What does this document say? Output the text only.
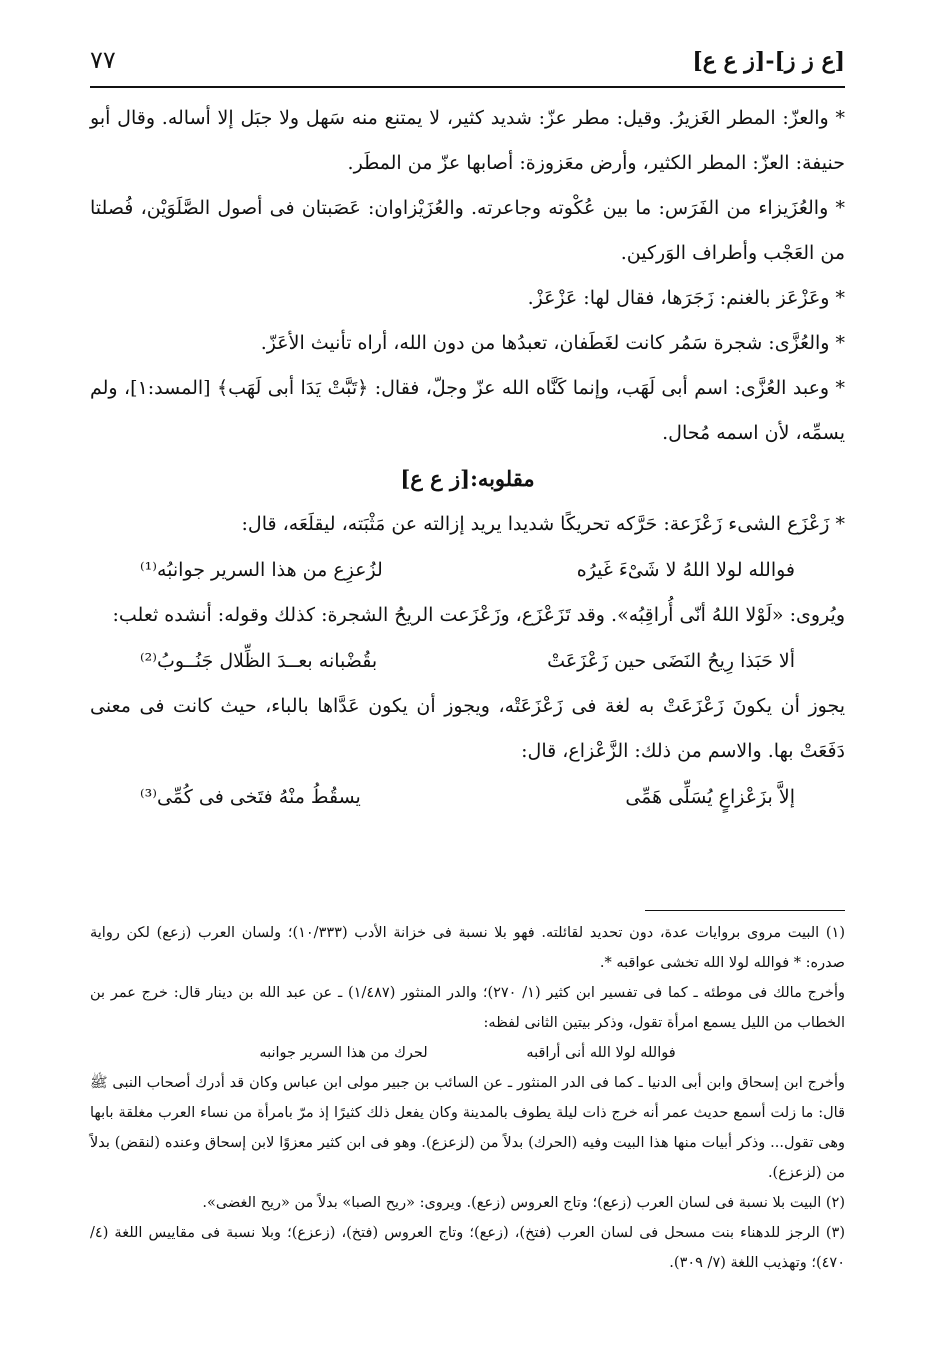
[ع ز ز]-[ز ع ع]
٧٧

* والعزّ: المطر الغَزيرُ. وقيل: مطر عزّ: شديد كثير، لا يمتنع منه سَهل ولا جبَل إلا أساله. وقال أبو حنيفة: العزّ: المطر الكثير، وأرض معَزوزة: أصابها عزّ من المطَر.

* والعُزَيزاء من الفَرَس: ما بين عُكْوته وجاعرته. والعُزَيْزاوان: عَصَبتان فى أصول الصَّلَوَيْن، فُصلتا من العَجْب وأطراف الوَركين.

* وعَزْعَز بالغنم: زَجَرَها، فقال لها: عَزْعَزْ.

* والعُزَّى: شجرة سَمُر كانت لغَطَفان، تعبدُها من دون الله، أراه تأنيث الأعَزّ.

* وعبد العُزَّى: اسم أبى لَهَب، وإنما كَنَّاه الله عزّ وجلّ، فقال: ﴿تَبَّتْ يَدَا أبى لَهَب﴾ [المسد:١]، ولم يسمِّه، لأن اسمه مُحال.

مقلوبه:[ز ع ع]

* زَعْزَع الشىء زَعْزَعة: حَرَّكه تحريكًا شديدا يريد إزالته عن مَثْبَته، ليقلَعَه، قال:

فوالله لولا اللهُ لا شَىْءَ غَيرُه
لزُعزِع من هذا السرير جوانبُه⁽¹⁾

ويُروى: «لَوْلا اللهُ أنّى أُراقِبُه». وقد تَزَعْزَع، وزَعْزَعت الريحُ الشجرة: كذلك وقوله: أنشده ثعلب:

ألا حَبَذا رِيحُ النَضَى حين زَعْزَعَتْ
بقُضْبانه بعــدَ الظِّلال جَنُــوبُ⁽²⁾

يجوز أن يكونَ زَعْزَعَتْ به لغة فى زَعْزَعَتْه، ويجوز أن يكون عَدَّاها بالباء، حيث كانت فى معنى دَفَعَتْ بها. والاسم من ذلك: الزَّعْزاع، قال:

إلاَّ بزَعْزاعٍ يُسَلِّى هَمِّى
يسقُطُ منْهُ فتَخى فى كُمِّى⁽³⁾

(١) البيت مروى بروايات عدة، دون تحديد لقائلته. فهو بلا نسبة فى خزانة الأدب (١٠/٣٣٣)؛ ولسان العرب (زعع) لكن رواية صدره: * فوالله لولا الله تخشى عواقبه *.

وأخرج مالك فى موطئه ـ كما فى تفسير ابن كثير (١/ ٢٧٠)؛ والدر المنثور (١/٤٨٧) ـ عن عبد الله بن دينار قال: خرج عمر بن الخطاب من الليل يسمع امرأة تقول، وذكر بيتين الثانى لفظه:

فوالله لولا الله أنى أراقبه
لحرك من هذا السرير جوانبه

وأخرج ابن إسحاق وابن أبى الدنيا ـ كما فى الدر المنثور ـ عن السائب بن جبير مولى ابن عباس وكان قد أدرك أصحاب النبى ﷺ قال: ما زلت أسمع حديث عمر أنه خرج ذات ليلة يطوف بالمدينة وكان يفعل ذلك كثيرًا إذ مرّ بامرأة من نساء العرب مغلقة بابها وهى تقول... وذكر أبيات منها هذا البيت وفيه (الحرك) بدلاً من (لزعزع). وهو فى ابن كثير معزوًا لابن إسحاق وعنده (لنقض) بدلاً من (لزعزع).

(٢) البيت بلا نسبة فى لسان العرب (زعع)؛ وتاج العروس (زعع). ويروى: «ريح الصبا» بدلاً من «ريح الغضى».

(٣) الرجز للدهناء بنت مسحل فى لسان العرب (فتخ)، (زعع)؛ وتاج العروس (فتخ)، (زعزع)؛ وبلا نسبة فى مقاييس اللغة (٤/ ٤٧٠)؛ وتهذيب اللغة (٧/ ٣٠٩).
